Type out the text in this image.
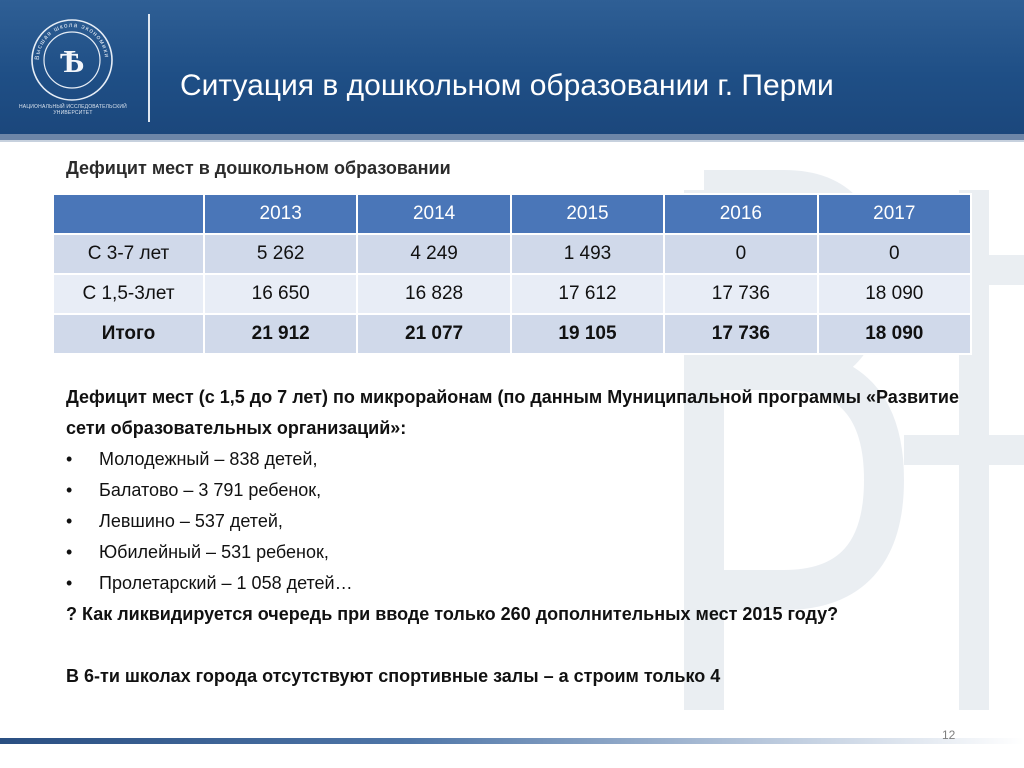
Высшая школа экономики
Ѣ
НАЦИОНАЛЬНЫЙ ИССЛЕДОВАТЕЛЬСКИЙ УНИВЕРСИТЕТ
Ситуация в дошкольном образовании г. Перми
Дефицит мест в дошкольном образовании
	2013	2014	2015	2016	2017
С 3-7 лет	5 262	4 249	1 493	0	0
С 1,5-3лет	16 650	16 828	17 612	17 736	18 090
Итого	21 912	21 077	19 105	17 736	18 090
Дефицит мест (с 1,5 до 7 лет) по микрорайонам (по данным Муниципальной программы «Развитие сети образовательных организаций»:
• Молодежный – 838 детей,
• Балатово – 3 791 ребенок,
• Левшино – 537 детей,
• Юбилейный – 531 ребенок,
• Пролетарский – 1 058 детей…
? Как ликвидируется очередь при вводе только 260 дополнительных мест 2015 году?
В 6-ти школах города отсутствуют спортивные залы – а строим только 4
12
